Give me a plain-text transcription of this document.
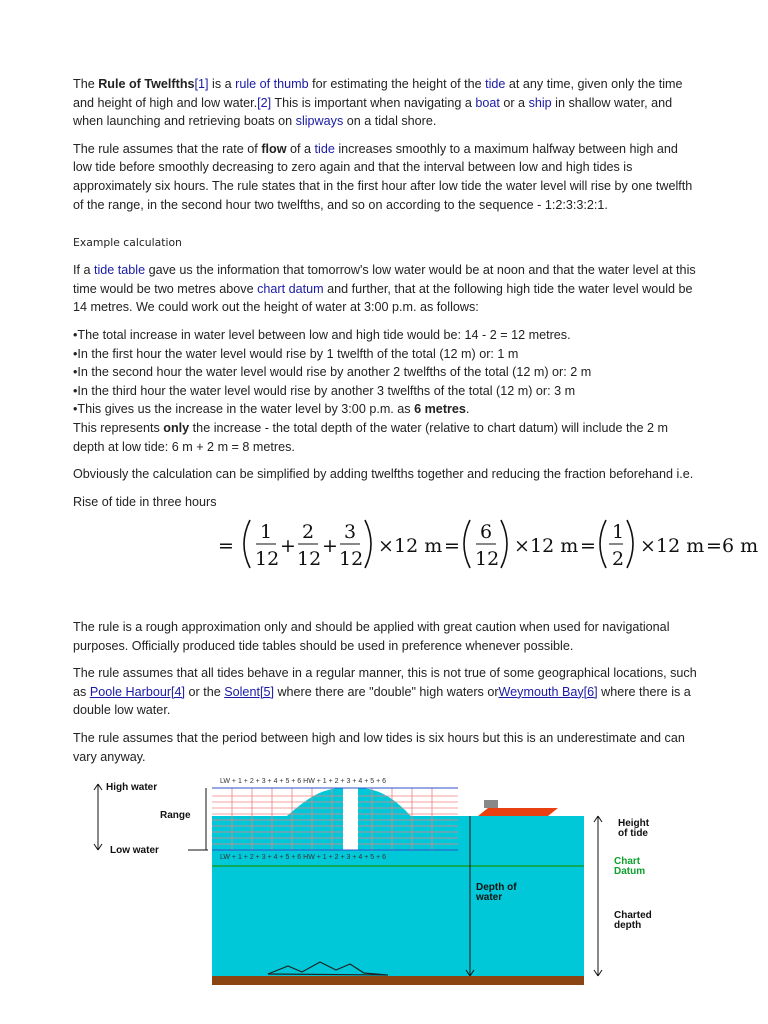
The Rule of Twelfths[1] is a rule of thumb for estimating the height of the tide at any time, given only the time and height of high and low water.[2] This is important when navigating a boat or a ship in shallow water, and when launching and retrieving boats on slipways on a tidal shore.

The rule assumes that the rate of flow of a tide increases smoothly to a maximum halfway between high and low tide before smoothly decreasing to zero again and that the interval between low and high tides is approximately six hours. The rule states that in the first hour after low tide the water level will rise by one twelfth of the range, in the second hour two twelfths, and so on according to the sequence - 1:2:3:3:2:1.

Example calculation

If a tide table gave us the information that tomorrow's low water would be at noon and that the water level at this time would be two metres above chart datum and further, that at the following high tide the water level would be 14 metres. We could work out the height of water at 3:00 p.m. as follows:

•The total increase in water level between low and high tide would be: 14 - 2 = 12 metres.

•In the first hour the water level would rise by 1 twelfth of the total (12 m) or: 1 m

•In the second hour the water level would rise by another 2 twelfths of the total (12 m) or: 2 m

•In the third hour the water level would rise by another 3 twelfths of the total (12 m) or: 3 m

•This gives us the increase in the water level by 3:00 p.m. as 6 metres.

This represents only the increase - the total depth of the water (relative to chart datum) will include the 2 m depth at low tide: 6 m + 2 m = 8 metres.

Obviously the calculation can be simplified by adding twelfths together and reducing the fraction beforehand i.e.

Rise of tide in three hours

=
1
12
+
2
12
+
3
12
× 12 m =
6
12
× 12 m =
1
2
× 12 m = 6 m

The rule is a rough approximation only and should be applied with great caution when used for navigational purposes. Officially produced tide tables should be used in preference whenever possible.

The rule assumes that all tides behave in a regular manner, this is not true of some geographical locations, such as Poole Harbour[4] or the Solent[5] where there are "double" high waters orWeymouth Bay[6] where there is a double low water.

The rule assumes that the period between high and low tides is six hours but this is an underestimate and can vary anyway.

High water
Range
Low water
LW + 1 + 2 + 3 + 4 + 5 + 6 HW + 1 + 2 + 3 + 4 + 5 + 6
LW + 1 + 2 + 3 + 4 + 5 + 6 HW + 1 + 2 + 3 + 4 + 5 + 6
Height
of tide
Chart
Datum
Depth of
water
Charted
depth
